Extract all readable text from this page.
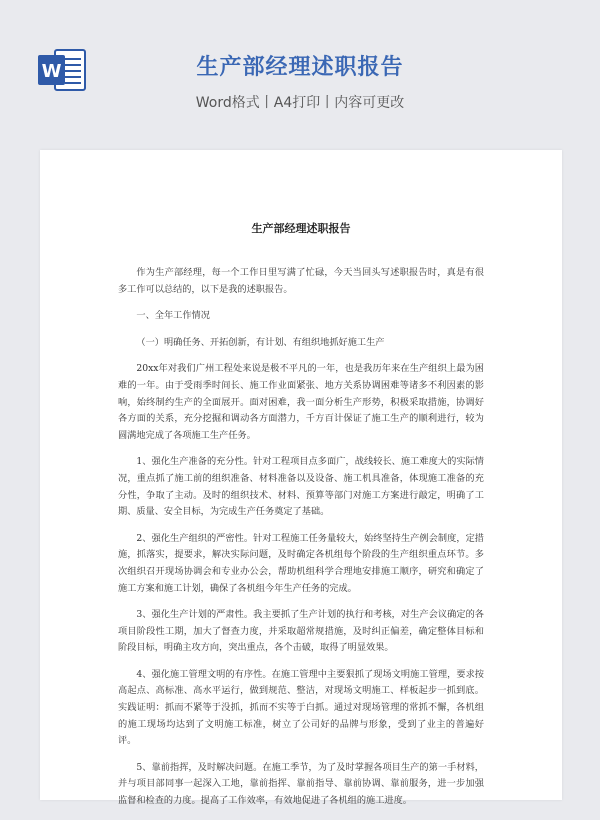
W	生产部经理述职报告
Word格式丨A4打印丨内容可更改
生产部经理述职报告

作为生产部经理，每一个工作日里写满了忙碌，今天当回头写述职报告时，真是有很多工作可以总结的，以下是我的述职报告。

一、全年工作情况

（一）明确任务、开拓创新，有计划、有组织地抓好施工生产

20xx年对我们广州工程处来说是极不平凡的一年，也是我历年来在生产组织上最为困难的一年。由于受雨季时间长、施工作业面紧张、地方关系协调困难等诸多不利因素的影响，始终制约生产的全面展开。面对困难，我一面分析生产形势，积极采取措施，协调好各方面的关系，充分挖掘和调动各方面潜力，千方百计保证了施工生产的顺利进行，较为圆满地完成了各项施工生产任务。

1、强化生产准备的充分性。针对工程项目点多面广，战线较长、施工难度大的实际情况，重点抓了施工前的组织准备、材料准备以及设备、施工机具准备，体现施工准备的充分性，争取了主动。及时的组织技术、材料、预算等部门对施工方案进行敲定，明确了工期、质量、安全目标，为完成生产任务奠定了基础。

2、强化生产组织的严密性。针对工程施工任务量较大，始终坚持生产例会制度，定措施，抓落实，提要求，解决实际问题，及时确定各机组每个阶段的生产组织重点环节。多次组织召开现场协调会和专业办公会，帮助机组科学合理地安排施工顺序，研究和确定了施工方案和施工计划，确保了各机组今年生产任务的完成。

3、强化生产计划的严肃性。我主要抓了生产计划的执行和考核，对生产会议确定的各项目阶段性工期，加大了督查力度，并采取超常规措施，及时纠正偏差，确定整体目标和阶段目标，明确主攻方向，突出重点，各个击破，取得了明显效果。

4、强化施工管理文明的有序性。在施工管理中主要狠抓了现场文明施工管理，要求按高起点、高标准、高水平运行，做到规范、整洁，对现场文明施工、样板起步一抓到底。实践证明：抓而不紧等于没抓，抓而不实等于白抓。通过对现场管理的常抓不懈，各机组的施工现场均达到了文明施工标准，树立了公司好的品牌与形象，受到了业主的普遍好评。

5、靠前指挥，及时解决问题。在施工季节，为了及时掌握各项目生产的第一手材料，并与项目部同事一起深入工地，靠前指挥、靠前指导、靠前协调、靠前服务，进一步加强监督和检查的力度。提高了工作效率，有效地促进了各机组的施工进度。
